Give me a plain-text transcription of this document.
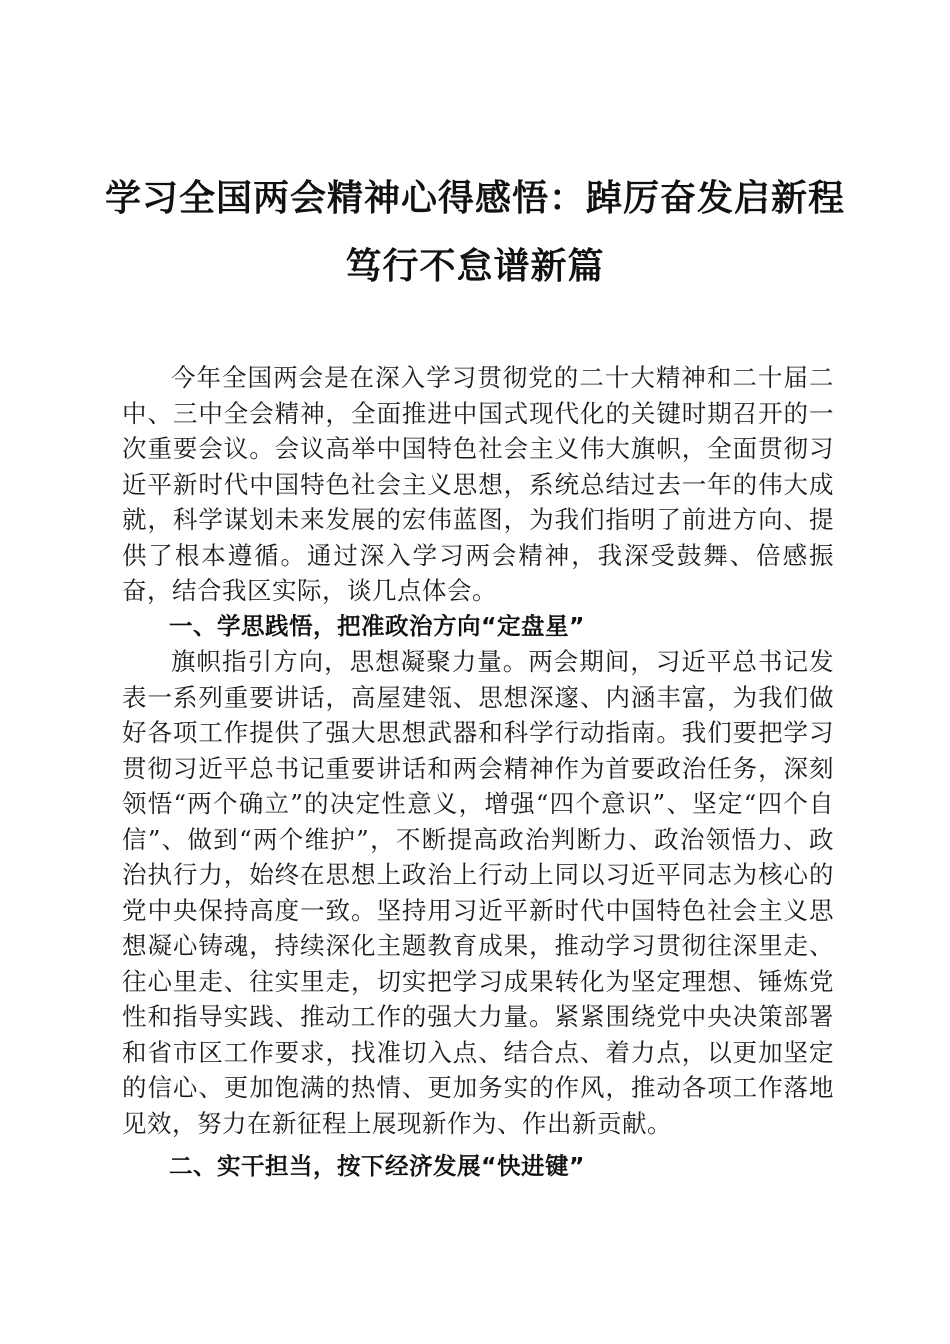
学习全国两会精神心得感悟：踔厉奋发启新程
笃行不怠谱新篇

今年全国两会是在深入学习贯彻党的二十大精神和二十届二中、三中全会精神，全面推进中国式现代化的关键时期召开的一次重要会议。会议高举中国特色社会主义伟大旗帜，全面贯彻习近平新时代中国特色社会主义思想，系统总结过去一年的伟大成就，科学谋划未来发展的宏伟蓝图，为我们指明了前进方向、提供了根本遵循。通过深入学习两会精神，我深受鼓舞、倍感振奋，结合我区实际，谈几点体会。

一、学思践悟，把准政治方向“定盘星”

旗帜指引方向，思想凝聚力量。两会期间，习近平总书记发表一系列重要讲话，高屋建瓴、思想深邃、内涵丰富，为我们做好各项工作提供了强大思想武器和科学行动指南。我们要把学习贯彻习近平总书记重要讲话和两会精神作为首要政治任务，深刻领悟“两个确立”的决定性意义，增强“四个意识”、坚定“四个自信”、做到“两个维护”，不断提高政治判断力、政治领悟力、政治执行力，始终在思想上政治上行动上同以习近平同志为核心的党中央保持高度一致。坚持用习近平新时代中国特色社会主义思想凝心铸魂，持续深化主题教育成果，推动学习贯彻往深里走、往心里走、往实里走，切实把学习成果转化为坚定理想、锤炼党性和指导实践、推动工作的强大力量。紧紧围绕党中央决策部署和省市区工作要求，找准切入点、结合点、着力点，以更加坚定的信心、更加饱满的热情、更加务实的作风，推动各项工作落地见效，努力在新征程上展现新作为、作出新贡献。

二、实干担当，按下经济发展“快进键”
